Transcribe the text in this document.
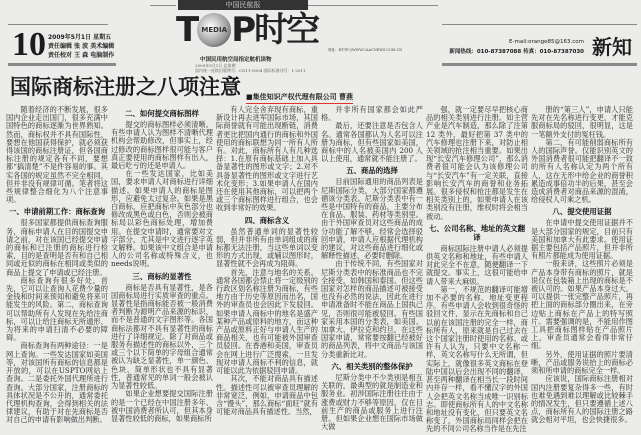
10 2009年5月1日 星期五
责任编辑 张 波 美术编辑
责任校对 王 森 电脑制作
中国民航报
T MEDIA P时空
中国民用航空局指定航机读物
2009年5月1日 总第期
国内统一连续出版物号：CN11-0004 国际标准刊号：1-2011
网址：HTTP://WWW.CAACNEWS.COM.CN
E-mail:orange85@163.com
新闻热线：010-87387088 传真：010-87387030 新知
国际商标注册之八项注意 ■集佳知识产权代理有限公司 曹燕

随着经济的不断发展，很多国内企业走出国门，很多充满中国特色的商标逐渐为世界熟知。然而，商标权并不具有国际性，要想在他国获得保护，就必须获得该国的商标注册证，但各国商标注册的规定各有不同，要想都“搞清楚”不是件容易的事。其实各国的规定虽然不完全相同，但并非没有规律可循。笔者将这些规律整合细化为八个注意事项。

一、申请前期工作：商标查询

很多国家都提供商标查询服务，商标申请人在目的国提交申请之前，对在该国已经提交申请的商标和已注册的商标进行检索，目的是查明是否有和自己相同或近似的商标在相同或类似的商品上提交了申请或已经注册。

商标查询有很多好处，首先，它可以让查询人花费少量的金钱和时间来预知和避免将来可能发生的风险。第二，商标查询可以帮助所有人发现在先给注商标，可以让给注商标无所遁形，为将来的申请扫清不必要的障碍。

商标查询有两种途径：一是网上查询。一些发达国家如美国等，对该国所有商标的信息都是开放的，可以在USPTO网站上查询。二是委托外国代理所进行查询。大部分国家，注册商标的具体状况是不公开的，通常委托代理机构查询，会得到相关的法律建议，有助于对在先商标是否对自己的申请有影响做出判断。

二、如何提交商标图样

提交的商标图样必须清晰。有些申请人认为图样不清晰代理机构会帮助修改，但事实上，经过修改的商标图样很可能与客户真正要使用的商标图样有出入，最后吃亏的还是申请人。

在一些发达国家，比如美国，要求申请人对商标进行详细描述。如果申请人的商标是图形，应避免太过复杂。如果是黑白商标，应把商标中灰色部分也修改成黑色或白色，否则会被商标局以彩色商标处理，增加费用。在提交申请时，通常要对文字部分，尤其是中文进行逐字英文解释。如果该中文组合是申请人的公司名称或特殊含义，也needs说明。

三、商标的显著性

商标是否具有显著性，是各国商标局进行实质审查的重点。显著性是指商标能否被一般消费者判断为源明产品来源的标识，而不是普通的文字图形等。各国商标法都对不具有显著性的商标进行了详细规定。除了对商品或服务有描述性的商标以外，三个或三个以下简单的字母组合通常被认为缺乏显著性，单一颜色、色块、简单形状也不具有显著性，普通常见的单词一般会被认为显著性较低。

如果企业想要提交国际注册的是一个已经在中国注册多年、被中国消费者所认可，但其本身显著性较低的商标，如果商标所

有人完全舍弃现有商标，重新设计再去进军国际市场，其国际商誉就有可能出现断链，消费者更比把国内通行的商标和外国使用的商标联想为同一所有人所有。对此，商标所有人有几种选择：1.在原有商标基础上加入具备显著性的图形或文字；2.对不具备显著性的图形或文字进行艺术化变形；3.如果申请人在国内还在使用其他商标，可以把两个或三个商标图样进行组合，也会收到非常好的效果。

四、商标含义

虽然普通单词的显著性较弱，但并非所有由单词组成的商标都无法注册，当这些单词以变形的方式出现，或辅以图形时，显著性就不会再成为阻碍。

首先，注意与地名的关系。通常各国都会禁止将一定级别的行政区划名称注册为商标，有些地方由于历史等原因而出名，国外的审查员也会因此下发驳回。如果申请人商标中的地名是盛产某种产品或原料的地方，而这种产品或原料正好与申请人生产的商品相关，也有可能被外国审查员驳回。在香港和美国，审查员会在网上进行广泛搜索，一旦发现对申请人商标不利的信息，就可能以此为依据驳回申请。

其次，不能对商品具有描述性。描述性可以被审查员理解的非常宽泛，例如，申请商品中包含“馒头”，那么商标“面旺”就有可能对商品具有描述性。当然，

并非所有国家都会如此严格。

最后，还要注意是否包含人名。通常各国都认为人名可以注册为商标，但有些国家如美国，商标中的人名被美国内 200 人以上使用，通常就不能注册了。

五、商品的选择

目前国际通用的商品列表是尼斯国际分类，大部分国家都遵循该分类表。尼斯分类表中有一些是中国特有的商品，主要分布在食品、服装、药材等类别里。由于外国审查员对这些商品的成分功能了解不够，经常会选择驳回申请，申请人应根据代理机构的建议，对这些商品进行细化或解释性描述，必要时删除。

由于传统不同，有些国家对尼斯分类表中的标准商品也不完全接受，如韩国和泰国。但这些国家对怎样的商品描述可被接受也没有必然的说法，因此在进行申请准备时不能在商品上国执己见，否则很可能被驳回。有些国家采用本国的分类表，如美国、加拿大、伊拉克和约旦，在这些国家申请，常常要按翻已经被好的商品列表，将中文商品与该国分类重新比对。

六、相关类别的整体保护

尼斯分类中不少类别是相互关联的，最典型的就是制造业和服务业。初涉国际注册往往由于涨费或财力不够等原因，仅在目前生产的商品或服务上进行注册。但如果企业想在国际市场做大做

强，就一定要尽早把核心商品的相关类别进行注册。如主营产业是汽车制造，那么除了注第 12 类外，最好把第 37 类中的汽车修理也注册下来，对防止相关领域的抢注相当重要。如果出现“长安汽车修理公司”，那么消费者很可能会认为该修理公司与“长安汽车”有一定关联，直接影响长安汽车的商誉和业务拓展。很多侵权和抢注都是发生在相关类别上的，如果申请人在该类别没有注册，维权时将会相当被动。

七、公司名称、地址的英文翻译

商标国际注册中请人必须提供英文名称和地址，有些申请人对此完全不在意，随便翻译一下就提交。事实上，这很可能给申请人带来大麻烦。

第一，不规范的翻译可能增加不必要的名称、地址变更程序。有些申请人会收到很奇怪的驳回文件，显示在先商标和自己以前在该国注册的完全一样，商标所有人，原来就是自己过去在这个国家注册时使用的名称。或许有人认为，只要中文名称一样，英文名称写什么无所谓，但实际上，就像很多英文商标在登陆中国以后会出现不同的翻译，甚至两种翻译在相当长一段时间内并存一样，看不懂汉字的外国人会把英文名称当成唯一识别标志。即使商标所有人的中文名称和地址没有变化，但只要英文名称变了，外国商标局同样会把在先的不同公司名称当作是在先注

册的“第三人”，申请人只能先对在先名称进行变更，才能克服商标局的驳回，很明显，这是一笔额外支付的冤枉钱。

第二，有可能削弱商标所有人的国际声誉。仅能识别英文的外国消费者很可能把翻译不一致的所有人名称认定为两个所有人，这在无形中给企业的商誉积累造成事倍功半的后果，甚至会造成消费者对商品来源的混淆，给侵权人可乘之机。

八、提交使用证据

在申请中提交使用证据并不是大部分国家的规定，目前只有美国和加拿大有此要求。使用证据主要包括产品照片，但并非所有照片都能成为使用证据。

一般来讲，这些照片必须是产品本身带有商标的照片，就是说仅在包装箱上出现的商标是不被认可的。如果产品本身过大，可以提供一张完整产品照片，再把上面的商标部分圈出来，在旁边贴上商标在产品上的特写照片。需要强调的是，不能用作图工具把商标图样贴在产品照片上，审查员通常会看得非常仔细。

另外，使用证据的照片要清晰，产品或服务说抬上的商标必须和所申请的商标完全一样。

应该说，国际商标注册相对国内注册要复杂得多一些，有时也难免遇到难以理解或比较棘手的情况发生，但只要遵循上述八点，商标所有人的国际注册之路就会相对平坦，也会快捷很多。
